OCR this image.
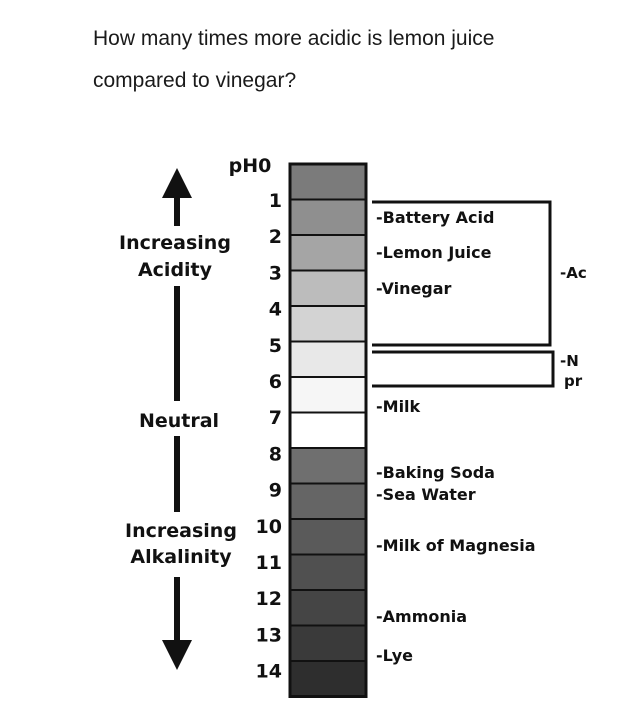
How many times more acidic is lemon juice
compared to vinegar?

Increasing
Acidity
Neutral
Increasing
Alkalinity
pH0
1
2
3
4
5
6
7
8
9
10
11
12
13
14
-Ac
-N
pr
-Battery Acid
-Lemon Juice
-Vinegar
-Milk
-Baking Soda
-Sea Water
-Milk of Magnesia
-Ammonia
-Lye
